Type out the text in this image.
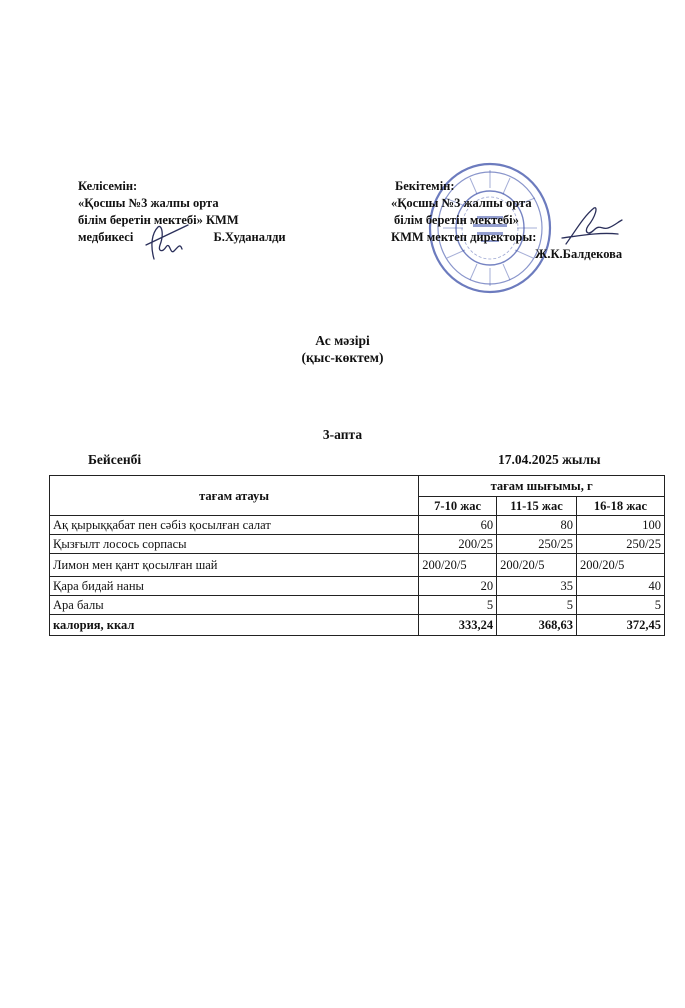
Келісемін:
«Қосшы №3 жалпы орта
білім беретін мектебі» КММ
медбикесі	Б.Худаналди
Бекітемін:
«Қосшы №3 жалпы орта
білім беретін мектебі»
КММ мектеп директоры:
Ж.К.Балдекова
Ас мәзірі
(қыс-көктем)
3-апта
Бейсенбі	17.04.2025 жылы
тағам атауы	тағам шығымы, г		
	7-10 жас	11-15 жас	16-18 жас
Ақ қырыққабат пен сәбіз қосылған салат	60	80	100
Қызғылт лосось сорпасы	200/25	250/25	250/25
Лимон мен қант қосылған шай	200/20/5	200/20/5	200/20/5
Қара бидай наны	20	35	40
Ара балы	5	5	5
калория, ккал	333,24	368,63	372,45
